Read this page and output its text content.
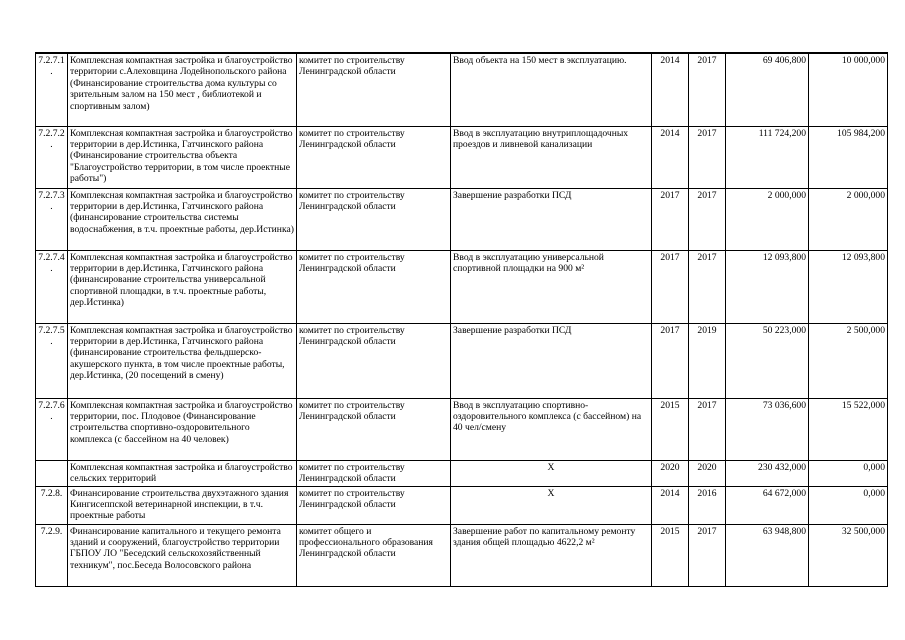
7.2.7.1.	Комплексная компактная застройка и благоустройство территории с.Алеховщина Лодейнопольского района (Финансирование строительства дома культуры со зрительным залом на 150 мест , библиотекой и спортивным залом)	комитет по строительству Ленинградской области	Ввод объекта на 150 мест в эксплуатацию.	2014	2017	69 406,800	10 000,000
7.2.7.2.	Комплексная компактная застройка и благоустройство территории в дер.Истинка, Гатчинского района (Финансирование строительства объекта "Благоустройство территории, в том числе проектные работы")	комитет по строительству Ленинградской области	Ввод в эксплуатацию внутриплощадочных проездов и ливневой канализации	2014	2017	111 724,200	105 984,200
7.2.7.3.	Комплексная компактная застройка и благоустройство территории в дер.Истинка, Гатчинского района (финансирование строительства системы водоснабжения, в т.ч. проектные работы, дер.Истинка)	комитет по строительству Ленинградской области	Завершение разработки ПСД	2017	2017	2 000,000	2 000,000
7.2.7.4.	Комплексная компактная застройка и благоустройство территории в дер.Истинка, Гатчинского района (финансирование строительства универсальной спортивной площадки, в т.ч. проектные работы, дер.Истинка)	комитет по строительству Ленинградской области	Ввод в эксплуатацию универсальной спортивной площадки на 900 м²	2017	2017	12 093,800	12 093,800
7.2.7.5.	Комплексная компактная застройка и благоустройство территории в дер.Истинка, Гатчинского района (финансирование строительства фельдшерско-акушерского пункта, в том числе проектные работы, дер.Истинка, (20 посещений в смену)	комитет по строительству Ленинградской области	Завершение разработки ПСД	2017	2019	50 223,000	2 500,000
7.2.7.6.	Комплексная компактная застройка и благоустройство территории, пос. Плодовое (Финансирование строительства спортивно-оздоровительного комплекса (с бассейном на 40 человек)	комитет по строительству Ленинградской области	Ввод в эксплуатацию спортивно-оздоровительного комплекса (с бассейном) на 40 чел/смену	2015	2017	73 036,600	15 522,000
	Комплексная компактная застройка и благоустройство сельских территорий	комитет по строительству Ленинградской области	Х	2020	2020	230 432,000	0,000
7.2.8.	Финансирование строительства двухэтажного здания Кингисеппской ветеринарной инспекции, в т.ч. проектные работы	комитет по строительству Ленинградской области	Х	2014	2016	64 672,000	0,000
7.2.9.	Финансирование капитального и текущего ремонта зданий и сооружений, благоустройство территории ГБПОУ ЛО "Беседский сельскохозяйственный техникум", пос.Беседа Волосовского района	комитет общего и профессионального образования Ленинградской области	Завершение работ по капитальному ремонту здания общей площадью 4622,2 м²	2015	2017	63 948,800	32 500,000
